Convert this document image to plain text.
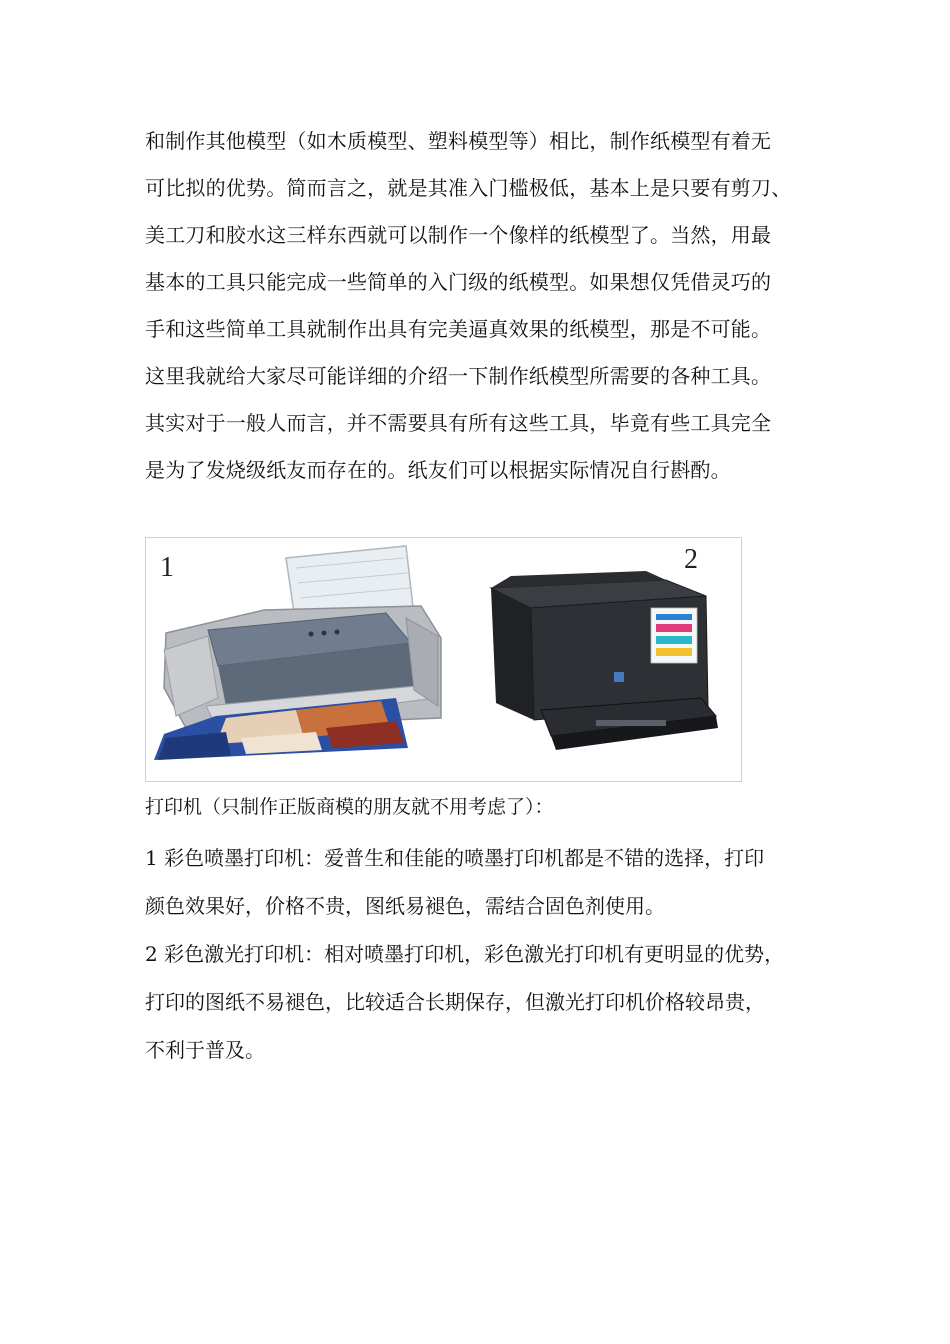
和制作其他模型（如木质模型、塑料模型等）相比，制作纸模型有着无

可比拟的优势。简而言之，就是其准入门槛极低，基本上是只要有剪刀、

美工刀和胶水这三样东西就可以制作一个像样的纸模型了。当然，用最

基本的工具只能完成一些简单的入门级的纸模型。如果想仅凭借灵巧的

手和这些简单工具就制作出具有完美逼真效果的纸模型，那是不可能。

这里我就给大家尽可能详细的介绍一下制作纸模型所需要的各种工具。

其实对于一般人而言，并不需要具有所有这些工具，毕竟有些工具完全

是为了发烧级纸友而存在的。纸友们可以根据实际情况自行斟酌。

1	2
打印机（只制作正版商模的朋友就不用考虑了）：

1 彩色喷墨打印机：爱普生和佳能的喷墨打印机都是不错的选择，打印

颜色效果好，价格不贵，图纸易褪色，需结合固色剂使用。

2 彩色激光打印机：相对喷墨打印机，彩色激光打印机有更明显的优势，

打印的图纸不易褪色，比较适合长期保存，但激光打印机价格较昂贵，

不利于普及。
